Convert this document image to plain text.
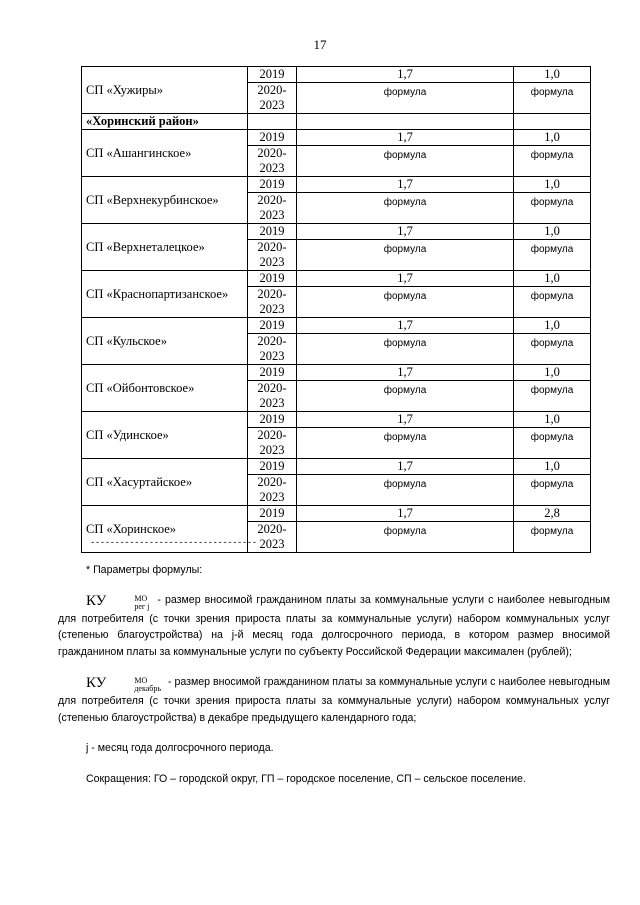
17
СП «Хужиры»	2019	1,7	1,0
	2020-2023	формула	формула
«Хоринский район»			
СП «Ашангинское»	2019	1,7	1,0
	2020-2023	формула	формула
СП «Верхнекурбинское»	2019	1,7	1,0
	2020-2023	формула	формула
СП «Верхнеталецкое»	2019	1,7	1,0
	2020-2023	формула	формула
СП «Краснопартизанское»	2019	1,7	1,0
	2020-2023	формула	формула
СП «Кульское»	2019	1,7	1,0
	2020-2023	формула	формула
СП «Ойбонтовское»	2019	1,7	1,0
	2020-2023	формула	формула
СП «Удинское»	2019	1,7	1,0
	2020-2023	формула	формула
СП «Хасуртайское»	2019	1,7	1,0
	2020-2023	формула	формула
СП «Хоринское»	2019	1,7	2,8
	2020-2023	формула	формула
----------------------------------

* Параметры формулы:

КУ	МО
рег j
- размер вносимой гражданином платы за коммунальные услуги с наиболее невыгодным для потребителя (с точки зрения прироста платы за коммунальные услуги) набором коммунальных услуг (степенью благоустройства) на j-й месяц года долгосрочного периода, в котором размер вносимой гражданином платы за коммунальные услуги по субъекту Российской Федерации максимален (рублей);

КУ	МО
декабрь
- размер вносимой гражданином платы за коммунальные услуги с наиболее невыгодным для потребителя (с точки зрения прироста платы за коммунальные услуги) набором коммунальных услуг (степенью благоустройства) в декабре предыдущего календарного года;

j - месяц года долгосрочного периода.

Сокращения: ГО – городской округ, ГП – городское поселение, СП – сельское поселение.
